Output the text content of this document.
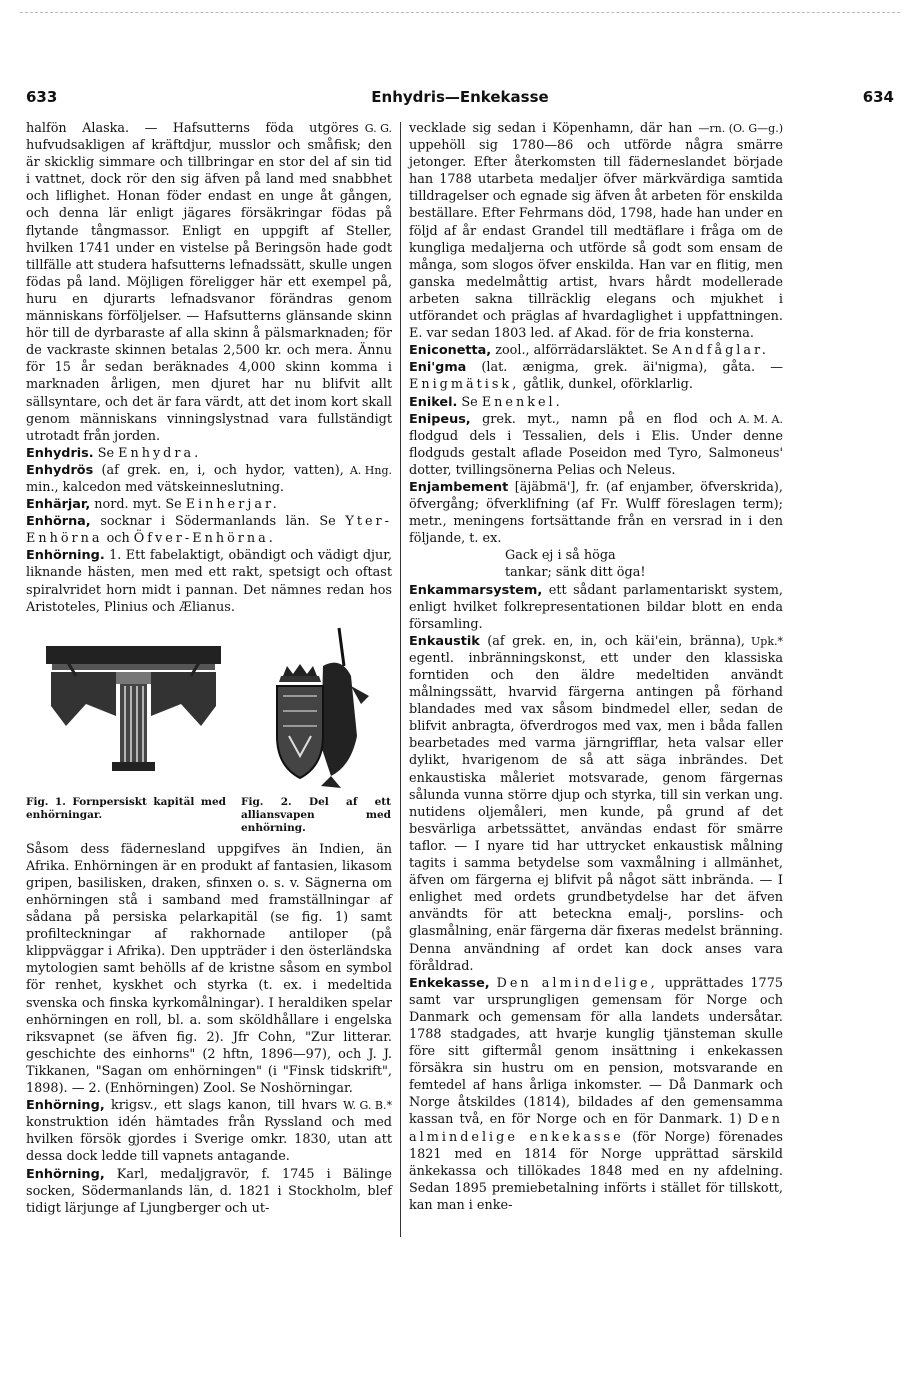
633	Enhydris—Enkekasse	634

G. G.
halfön Alaska. — Hafsutterns föda utgöres hufvudsakligen af kräftdjur, musslor och småfisk; den är skicklig simmare och tillbringar en stor del af sin tid i vattnet, dock rör den sig äfven på land med snabbhet och liflighet. Honan föder endast en unge åt gången, och denna lär enligt jägares försäkringar födas på flytande tångmassor. Enligt en uppgift af Steller, hvilken 1741 under en vistelse på Beringsön hade godt tillfälle att studera hafsutterns lefnadssätt, skulle ungen födas på land. Möjligen föreligger här ett exempel på, huru en djurarts lefnadsvanor förändras genom människans förföljelser. — Hafsutterns glänsande skinn hör till de dyrbaraste af alla skinn å pälsmarknaden; för de vackraste skinnen betalas 2,500 kr. och mera. Ännu för 15 år sedan beräknades 4,000 skinn komma i marknaden årligen, men djuret har nu blifvit allt sällsyntare, och det är fara värdt, att det inom kort skall genom människans vinningslystnad vara fullständigt utrotadt från jorden.

Enhydris. Se Enhydra.

A. Hng.
Enhydrös (af grek. en, i, och hydor, vatten), min., kalcedon med vätskeinneslutning.

Enhärjar, nord. myt. Se Einherjar.

Enhörna, socknar i Södermanlands län. Se Yter-Enhörna och Öfver-Enhörna.

Enhörning. 1. Ett fabelaktigt, obändigt och vädigt djur, liknande hästen, men med ett rakt, spetsigt och oftast spiralvridet horn midt i pannan. Det nämnes redan hos Aristoteles, Plinius och Ælianus.

Fig. 1. Fornpersiskt kapitäl med enhörningar.
Fig. 2. Del af ett alliansvapen med enhörning.

Såsom dess fädernesland uppgifves än Indien, än Afrika. Enhörningen är en produkt af fantasien, likasom gripen, basilisken, draken, sfinxen o. s. v. Sägnerna om enhörningen stå i samband med framställningar af sådana på persiska pelarkapitäl (se fig. 1) samt profilteckningar af rakhornade antiloper (på klippväggar i Afrika). Den uppträder i den österländska mytologien samt behölls af de kristne såsom en symbol för renhet, kyskhet och styrka (t. ex. i medeltida svenska och finska kyrkomålningar). I heraldiken spelar enhörningen en roll, bl. a. som sköldhållare i engelska riksvapnet (se äfven fig. 2). Jfr Cohn, "Zur litterar. geschichte des einhorns" (2 hftn, 1896—97), och J. J. Tikkanen, "Sagan om enhörningen" (i "Finsk tidskrift", 1898). — 2. (Enhörningen) Zool. Se Noshörningar.

W. G. B.*
Enhörning, krigsv., ett slags kanon, till hvars konstruktion idén hämtades från Ryssland och med hvilken försök gjordes i Sverige omkr. 1830, utan att dessa dock ledde till vapnets antagande.

Enhörning, Karl, medaljgravör, f. 1745 i Bälinge socken, Södermanlands län, d. 1821 i Stockholm, blef tidigt lärjunge af Ljungberger och ut-

—rn. (O. G—g.)
vecklade sig sedan i Köpenhamn, där han uppehöll sig 1780—86 och utförde några smärre jetonger. Efter återkomsten till fäderneslandet började han 1788 utarbeta medaljer öfver märkvärdiga samtida tilldragelser och egnade sig äfven åt arbeten för enskilda beställare. Efter Fehrmans död, 1798, hade han under en följd af år endast Grandel till medtäflare i fråga om de kungliga medaljerna och utförde så godt som ensam de många, som slogos öfver enskilda. Han var en flitig, men ganska medelmåttig artist, hvars hårdt modellerade arbeten sakna tillräcklig elegans och mjukhet i utförandet och präglas af hvardaglighet i uppfattningen. E. var sedan 1803 led. af Akad. för de fria konsterna.

Eniconetta, zool., alförrädarsläktet. Se Andfåglar.

Eni'gma (lat. ænigma, grek. äi'nigma), gåta. — Enigmätisk, gåtlik, dunkel, oförklarlig.

Enikel. Se Enenkel.

A. M. A.
Enipeus, grek. myt., namn på en flod och flodgud dels i Tessalien, dels i Elis. Under denne flodguds gestalt aflade Poseidon med Tyro, Salmoneus' dotter, tvillingsönerna Pelias och Neleus.

Enjambement [äjäbmä'], fr. (af enjamber, öfverskrida), öfvergång; öfverklifning (af Fr. Wulff föreslagen term); metr., meningens fortsättande från en versrad in i den följande, t. ex.

Gack ej i så höga

tankar; sänk ditt öga!

Enkammarsystem, ett sådant parlamentariskt system, enligt hvilket folkrepresentationen bildar blott en enda församling.

Upk.*
Enkaustik (af grek. en, in, och käi'ein, bränna), egentl. inbränningskonst, ett under den klassiska forntiden och den äldre medeltiden användt målningssätt, hvarvid färgerna antingen på förhand blandades med vax såsom bindmedel eller, sedan de blifvit anbragta, öfverdrogos med vax, men i båda fallen bearbetades med varma järngrifflar, heta valsar eller dylikt, hvarigenom de så att säga inbrändes. Det enkaustiska måleriet motsvarade, genom färgernas sålunda vunna större djup och styrka, till sin verkan ung. nutidens oljemåleri, men kunde, på grund af det besvärliga arbetssättet, användas endast för smärre taflor. — I nyare tid har uttrycket enkaustisk målning tagits i samma betydelse som vaxmålning i allmänhet, äfven om färgerna ej blifvit på något sätt inbrända. — I enlighet med ordets grundbetydelse har det äfven användts för att beteckna emalj-, porslins- och glasmålning, enär färgerna där fixeras medelst bränning. Denna användning af ordet kan dock anses vara föråldrad.

Enkekasse, Den almindelige, upprättades 1775 samt var ursprungligen gemensam för Norge och Danmark och gemensam för alla landets undersåtar. 1788 stadgades, att hvarje kunglig tjänsteman skulle före sitt giftermål genom insättning i enkekassen försäkra sin hustru om en pension, motsvarande en femtedel af hans årliga inkomster. — Då Danmark och Norge åtskildes (1814), bildades af den gemensamma kassan två, en för Norge och en för Danmark. 1) Den almindelige enkekasse (för Norge) förenades 1821 med en 1814 för Norge upprättad särskild änkekassa och tillökades 1848 med en ny afdelning. Sedan 1895 premiebetalning införts i stället för tillskott, kan man i enke-
